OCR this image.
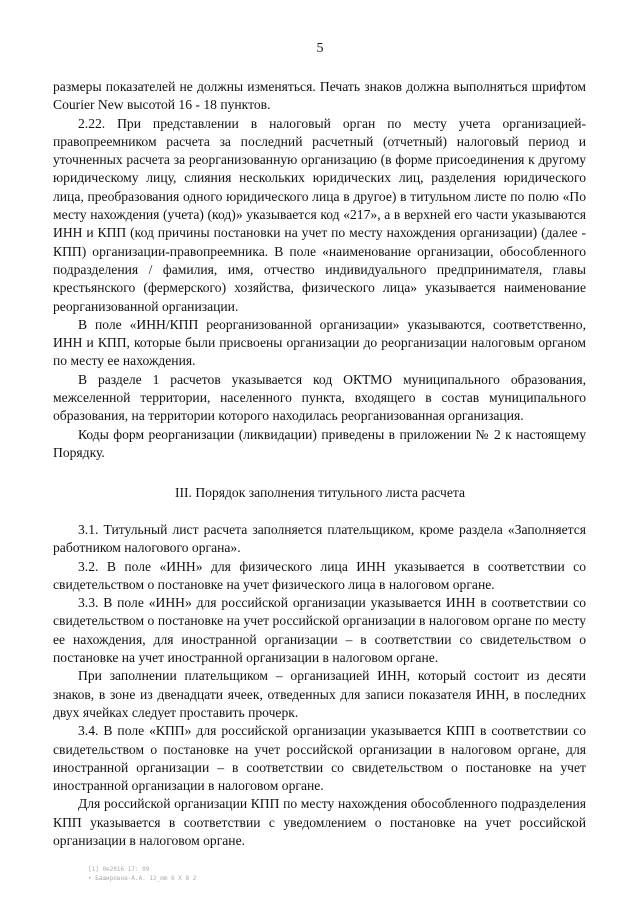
5

размеры показателей не должны изменяться. Печать знаков должна выполняться шрифтом Courier New высотой 16 - 18 пунктов.

2.22. При представлении в налоговый орган по месту учета организацией-правопреемником расчета за последний расчетный (отчетный) налоговый период и уточненных расчета за реорганизованную организацию (в форме присоединения к другому юридическому лицу, слияния нескольких юридических лиц, разделения юридического лица, преобразования одного юридического лица в другое) в титульном листе по полю «По месту нахождения (учета) (код)» указывается код «217», а в верхней его части указываются ИНН и КПП (код причины постановки на учет по месту нахождения организации) (далее - КПП) организации-правопреемника. В поле «наименование организации, обособленного подразделения / фамилия, имя, отчество индивидуального предпринимателя, главы крестьянского (фермерского) хозяйства, физического лица» указывается наименование реорганизованной организации.

В поле «ИНН/КПП реорганизованной организации» указываются, соответственно, ИНН и КПП, которые были присвоены организации до реорганизации налоговым органом по месту ее нахождения.

В разделе 1 расчетов указывается код ОКТМО муниципального образования, межселенной территории, населенного пункта, входящего в состав муниципального образования, на территории которого находилась реорганизованная организация.

Коды форм реорганизации (ликвидации) приведены в приложении № 2 к настоящему Порядку.

III. Порядок заполнения титульного листа расчета

3.1. Титульный лист расчета заполняется плательщиком, кроме раздела «Заполняется работником налогового органа».

3.2. В поле «ИНН» для физического лица ИНН указывается в соответствии со свидетельством о постановке на учет физического лица в налоговом органе.

3.3. В поле «ИНН» для российской организации указывается ИНН в соответствии со свидетельством о постановке на учет российской организации в налоговом органе по месту ее нахождения, для иностранной организации – в соответствии со свидетельством о постановке на учет иностранной организации в налоговом органе.

При заполнении плательщиком – организацией ИНН, который состоит из десяти знаков, в зоне из двенадцати ячеек, отведенных для записи показателя ИНН, в последних двух ячейках следует проставить прочерк.

3.4. В поле «КПП» для российской организации указывается КПП в соответствии со свидетельством о постановке на учет российской организации в налоговом органе, для иностранной организации – в соответствии со свидетельством о постановке на учет иностранной организации в налоговом органе.

Для российской организации КПП по месту нахождения обособленного подразделения КПП указывается в соответствии с уведомлением о постановке на учет российской организации в налоговом органе.

[1] 0e2016 17: 09
• Башировна-А.А. 12_mm 6 X 8 2
